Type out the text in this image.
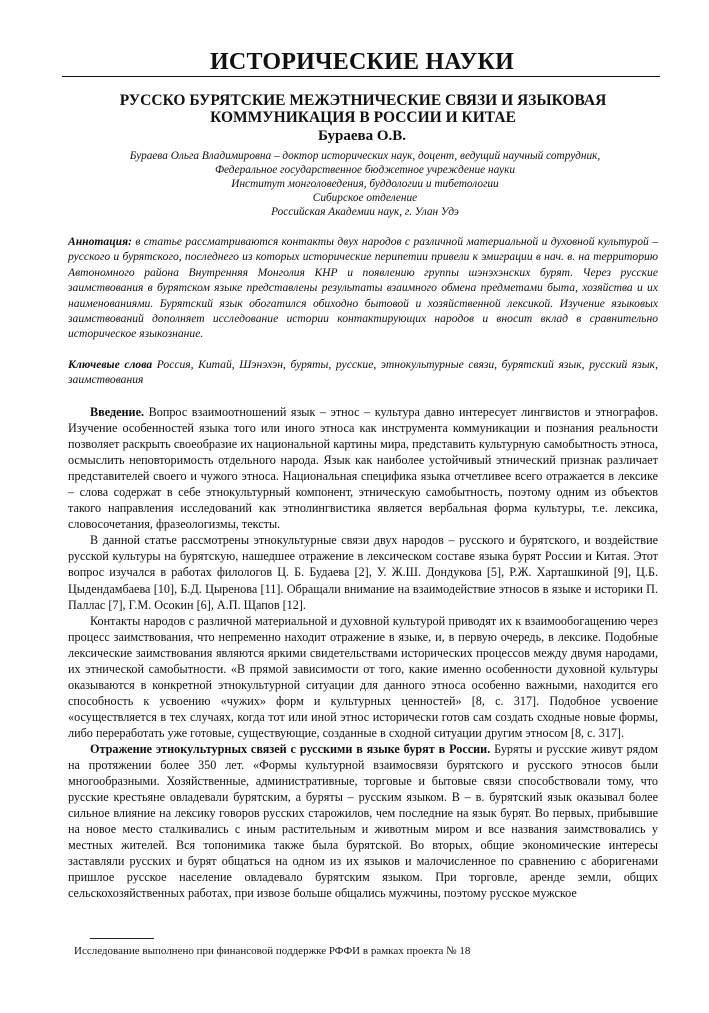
ИСТОРИЧЕСКИЕ НАУКИ
РУССКО БУРЯТСКИЕ МЕЖЭТНИЧЕСКИЕ СВЯЗИ И ЯЗЫКОВАЯ
КОММУНИКАЦИЯ В РОССИИ И КИТАЕ
Бураева О.В.
Бураева Ольга Владимировна – доктор исторических наук, доцент, ведущий научный сотрудник,
Федеральное государственное бюджетное учреждение науки
Институт монголоведения, буддологии и тибетологии
Сибирское отделение
Российская Академии наук, г. Улан Удэ
Аннотация: в статье рассматриваются контакты двух народов с различной материальной и духовной культурой – русского и бурятского, последнего из которых исторические перипетии привели к эмиграции в нач. в. на территорию Автономного района Внутренняя Монголия КНР и появлению группы шэнэхэнских бурят. Через русские заимствования в бурятском языке представлены результаты взаимного обмена предметами быта, хозяйства и их наименованиями. Бурятский язык обогатился обиходно бытовой и хозяйственной лексикой. Изучение языковых заимствований дополняет исследование истории контактирующих народов и вносит вклад в сравнительно историческое языкознание.
Ключевые слова Россия, Китай, Шэнэхэн, буряты, русские, этнокультурные связи, бурятский язык, русский язык, заимствования

Введение. Вопрос взаимоотношений язык – этнос – культура давно интересует лингвистов и этнографов. Изучение особенностей языка того или иного этноса как инструмента коммуникации и познания реальности позволяет раскрыть своеобразие их национальной картины мира, представить культурную самобытность этноса, осмыслить неповторимость отдельного народа. Язык как наиболее устойчивый этнический признак различает представителей своего и чужого этноса. Национальная специфика языка отчетливее всего отражается в лексике – слова содержат в себе этнокультурный компонент, этническую самобытность, поэтому одним из объектов такого направления исследований как этнолингвистика является вербальная форма культуры, т.е. лексика, словосочетания, фразеологизмы, тексты.

В данной статье рассмотрены этнокультурные связи двух народов – русского и бурятского, и воздействие русской культуры на бурятскую, нашедшее отражение в лексическом составе языка бурят России и Китая. Этот вопрос изучался в работах филологов Ц. Б. Будаева [2], У. Ж.Ш. Дондукова [5], Р.Ж. Харташкиной [9], Ц.Б. Цыдендамбаева [10], Б.Д. Цыренова [11]. Обращали внимание на взаимодействие этносов в языке и историки П. Паллас [7], Г.М. Осокин [6], А.П. Щапов [12].

Контакты народов с различной материальной и духовной культурой приводят их к взаимообогащению через процесс заимствования, что непременно находит отражение в языке, и, в первую очередь, в лексике. Подобные лексические заимствования являются яркими свидетельствами исторических процессов между двумя народами, их этнической самобытности. «В прямой зависимости от того, какие именно особенности духовной культуры оказываются в конкретной этнокультурной ситуации для данного этноса особенно важными, находится его способность к усвоению «чужих» форм и культурных ценностей» [8, с. 317]. Подобное усвоение «осуществляется в тех случаях, когда тот или иной этнос исторически готов сам создать сходные новые формы, либо переработать уже готовые, существующие, созданные в сходной ситуации другим этносом [8, с. 317].

Отражение этнокультурных связей с русскими в языке бурят в России. Буряты и русские живут рядом на протяжении более 350 лет. «Формы культурной взаимосвязи бурятского и русского этносов были многообразными. Хозяйственные, административные, торговые и бытовые связи способствовали тому, что русские крестьяне овладевали бурятским, а буряты – русским языком. В – в. бурятский язык оказывал более сильное влияние на лексику говоров русских старожилов, чем последние на язык бурят. Во первых, прибывшие на новое место сталкивались с иным растительным и животным миром и все названия заимствовались у местных жителей. Вся топонимика также была бурятской. Во вторых, общие экономические интересы заставляли русских и бурят общаться на одном из их языков и малочисленное по сравнению с аборигенами пришлое русское население овладевало бурятским языком. При торговле, аренде земли, общих сельскохозяйственных работах, при извозе больше общались мужчины, поэтому русское мужское

Исследование выполнено при финансовой поддержке РФФИ в рамках проекта № 18
